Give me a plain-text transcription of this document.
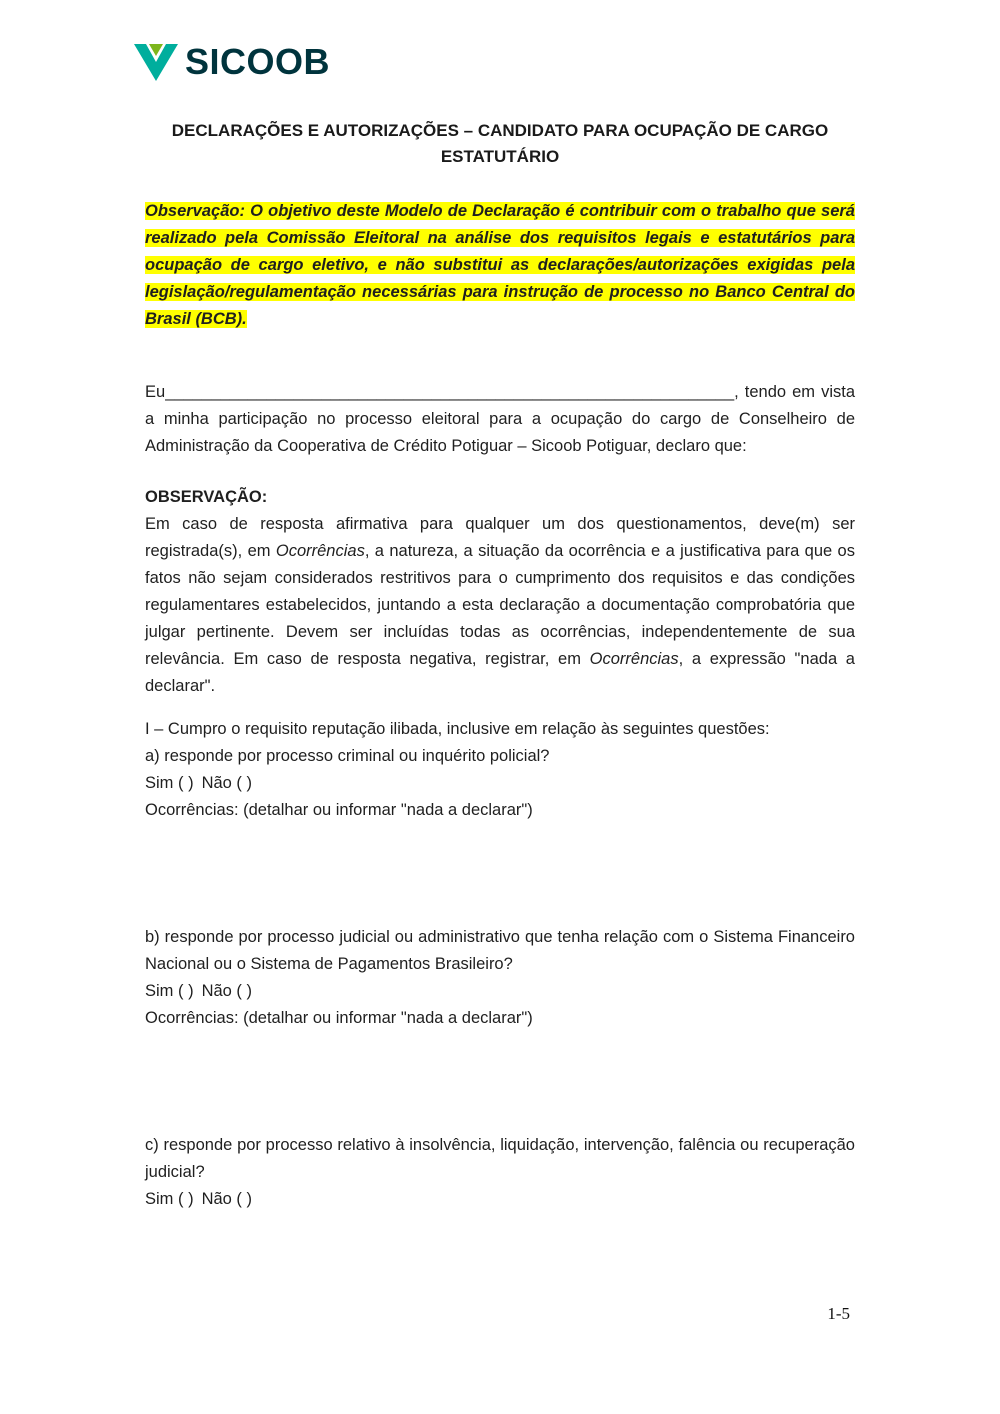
SICOOB
DECLARAÇÕES E AUTORIZAÇÕES – CANDIDATO PARA OCUPAÇÃO DE CARGO ESTATUTÁRIO

Observação: O objetivo deste Modelo de Declaração é contribuir com o trabalho que será realizado pela Comissão Eleitoral na análise dos requisitos legais e estatutários para ocupação de cargo eletivo, e não substitui as declarações/autorizações exigidas pela legislação/regulamentação necessárias para instrução de processo no Banco Central do Brasil (BCB).

Eu______________________________________________________________, tendo em vista a minha participação no processo eleitoral para a ocupação do cargo de Conselheiro de Administração da Cooperativa de Crédito Potiguar – Sicoob Potiguar, declaro que:

OBSERVAÇÃO:

Em caso de resposta afirmativa para qualquer um dos questionamentos, deve(m) ser registrada(s), em Ocorrências, a natureza, a situação da ocorrência e a justificativa para que os fatos não sejam considerados restritivos para o cumprimento dos requisitos e das condições regulamentares estabelecidos, juntando a esta declaração a documentação comprobatória que julgar pertinente. Devem ser incluídas todas as ocorrências, independentemente de sua relevância. Em caso de resposta negativa, registrar, em Ocorrências, a expressão "nada a declarar".

I – Cumpro o requisito reputação ilibada, inclusive em relação às seguintes questões:

a) responde por processo criminal ou inquérito policial?

Sim ( ) Não ( )

Ocorrências: (detalhar ou informar "nada a declarar")

b) responde por processo judicial ou administrativo que tenha relação com o Sistema Financeiro Nacional ou o Sistema de Pagamentos Brasileiro?

Sim ( ) Não ( )

Ocorrências: (detalhar ou informar "nada a declarar")

c) responde por processo relativo à insolvência, liquidação, intervenção, falência ou recuperação judicial?

Sim ( ) Não ( )

1-5
